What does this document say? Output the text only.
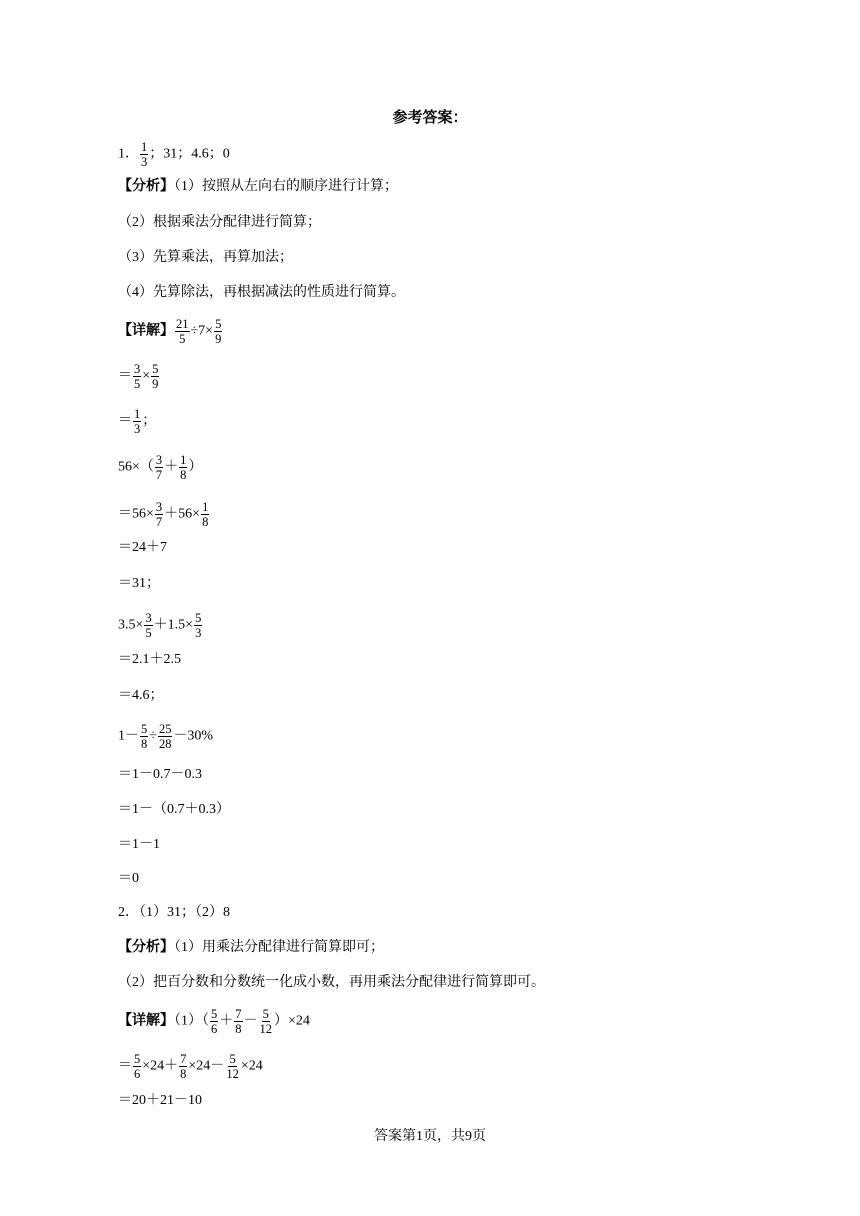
参考答案：
1． $\frac{1}{3}$ ；31；4.6；0
【分析】（1）按照从左向右的顺序进行计算；
（2）根据乘法分配律进行简算；
（3）先算乘法，再算加法；
（4）先算除法，再根据减法的性质进行简算。
【详解】 $\frac{21}{5} \div 7\times \frac{5}{9}$
＝ $\frac{3}{5} \times \frac{5}{9}$
＝ $\frac{1}{3}$ ；
$56\times( \frac{3}{7} + \frac{1}{8}$ ）
$=56\times \frac{3}{7} +56\times \frac{1}{8}$
＝24＋7
＝31；
$3.5\times \frac{3}{5} +1.5\times \frac{5}{3}$
＝2.1＋2.5
＝4.6；
$1- \frac{5}{8} \div \frac{25}{28} -30\%$
＝1－0.7－0.3
＝1－（0.7＋0.3）
＝1－1
＝0
2．（1）31；（2）8
【分析】（1）用乘法分配律进行简算即可；
（2）把百分数和分数统一化成小数，再用乘法分配律进行简算即可。
【详解】$(1)( \frac{5}{6} + \frac{7}{8} - \frac{5}{12} )\times 24$
＝ $\frac{5}{6} \times 24+ \frac{7}{8} \times 24- \frac{5}{12} \times 24$
＝20＋21－10
答案第1页，共9页
